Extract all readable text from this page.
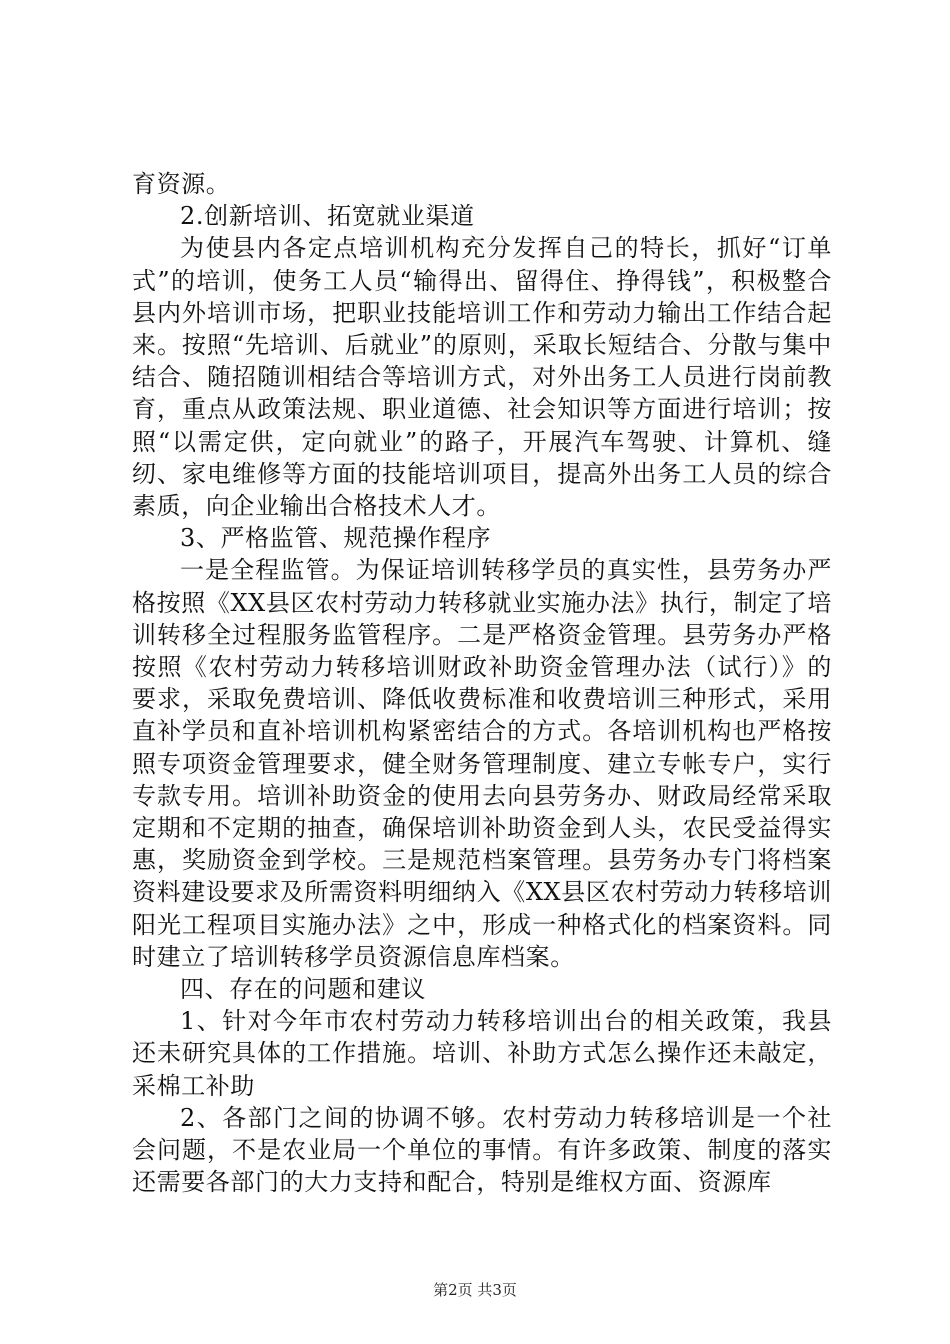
育资源。

2.创新培训、拓宽就业渠道

为使县内各定点培训机构充分发挥自己的特长，抓好“订单式”的培训，使务工人员“输得出、留得住、挣得钱”，积极整合县内外培训市场，把职业技能培训工作和劳动力输出工作结合起来。按照“先培训、后就业”的原则，采取长短结合、分散与集中结合、随招随训相结合等培训方式，对外出务工人员进行岗前教育，重点从政策法规、职业道德、社会知识等方面进行培训；按照“以需定供，定向就业”的路子，开展汽车驾驶、计算机、缝纫、家电维修等方面的技能培训项目，提高外出务工人员的综合素质，向企业输出合格技术人才。

3、严格监管、规范操作程序

一是全程监管。为保证培训转移学员的真实性，县劳务办严格按照《XX县区农村劳动力转移就业实施办法》执行，制定了培训转移全过程服务监管程序。二是严格资金管理。县劳务办严格按照《农村劳动力转移培训财政补助资金管理办法（试行）》的要求，采取免费培训、降低收费标准和收费培训三种形式，采用直补学员和直补培训机构紧密结合的方式。各培训机构也严格按照专项资金管理要求，健全财务管理制度、建立专帐专户，实行专款专用。培训补助资金的使用去向县劳务办、财政局经常采取定期和不定期的抽查，确保培训补助资金到人头，农民受益得实惠，奖励资金到学校。三是规范档案管理。县劳务办专门将档案资料建设要求及所需资料明细纳入《XX县区农村劳动力转移培训阳光工程项目实施办法》之中，形成一种格式化的档案资料。同时建立了培训转移学员资源信息库档案。

四、存在的问题和建议

1、针对今年市农村劳动力转移培训出台的相关政策，我县还未研究具体的工作措施。培训、补助方式怎么操作还未敲定，采棉工补助

2、各部门之间的协调不够。农村劳动力转移培训是一个社会问题，不是农业局一个单位的事情。有许多政策、制度的落实还需要各部门的大力支持和配合，特别是维权方面、资源库

第2页 共3页
